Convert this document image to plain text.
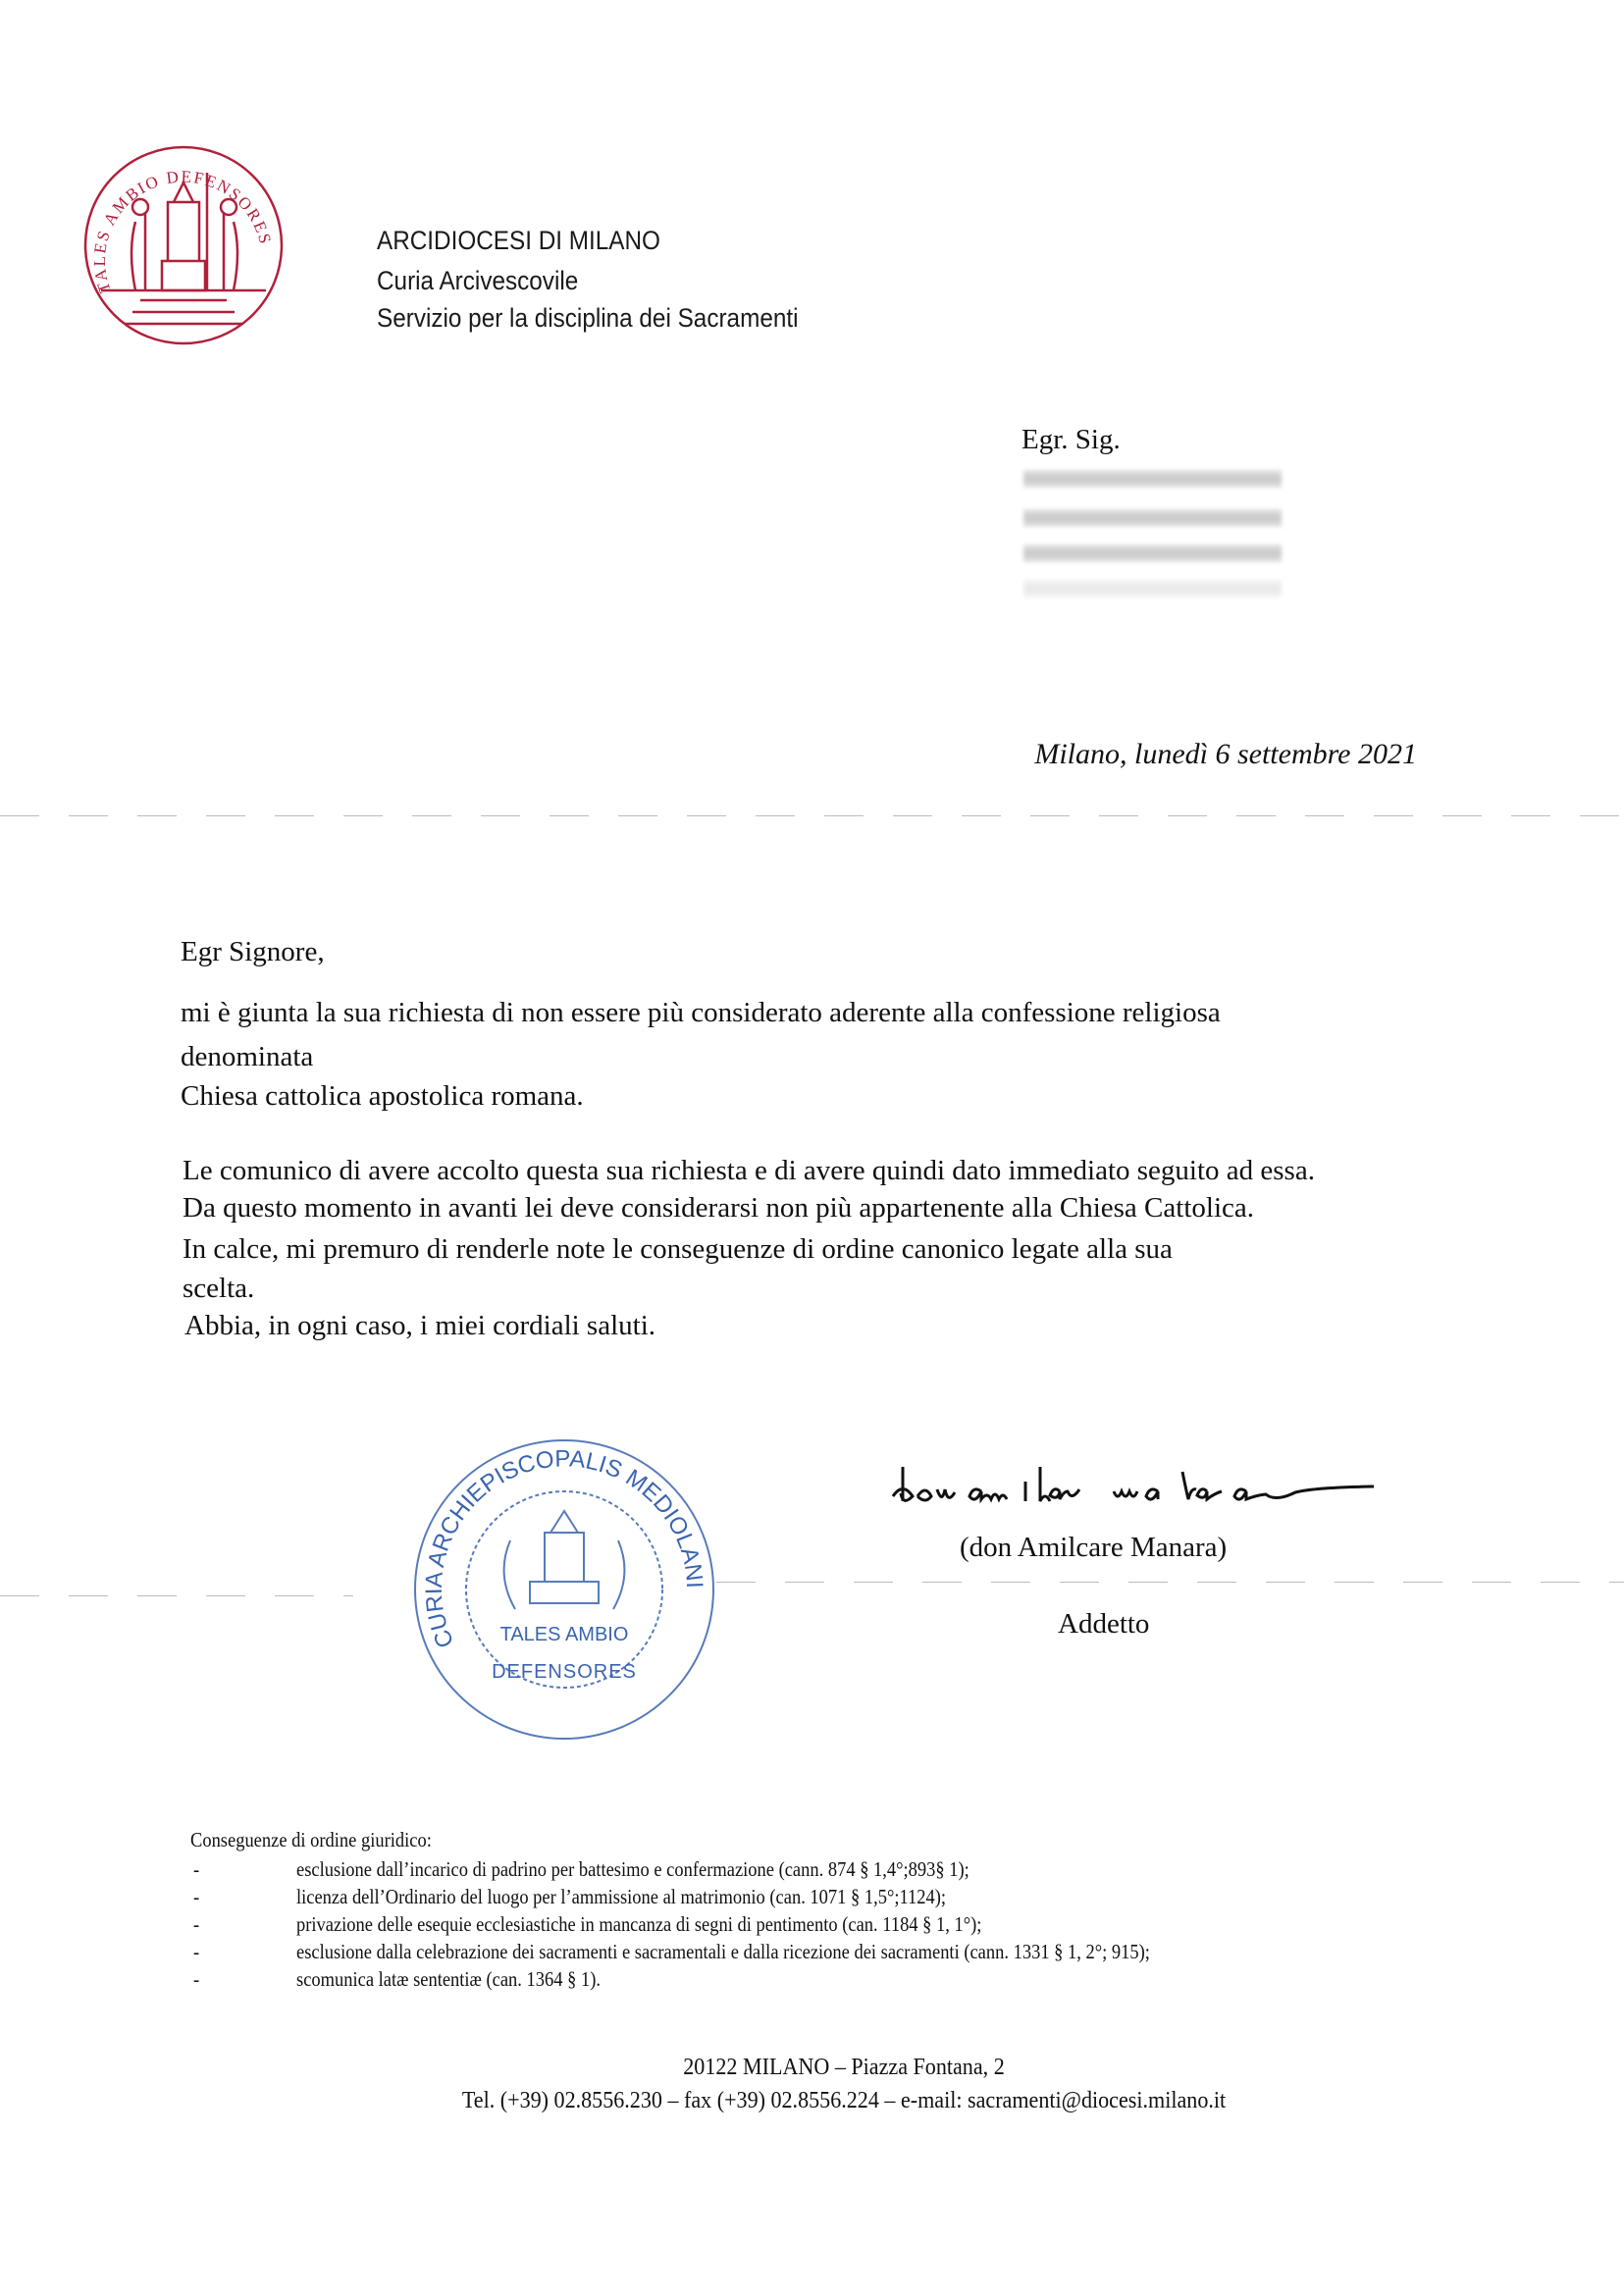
TALES AMBIO DEFENSORES	ARCIDIOCESI DI MILANO
Curia Arcivescovile
Servizio per la disciplina dei Sacramenti
Egr. Sig.
Milano, lunedì 6 settembre 2021
Egr Signore,
mi è giunta la sua richiesta di non essere più considerato aderente alla confessione religiosa
denominata
Chiesa cattolica apostolica romana.
Le comunico di avere accolto questa sua richiesta e di avere quindi dato immediato seguito ad essa.
Da questo momento in avanti lei deve considerarsi non più appartenente alla Chiesa Cattolica.
In calce, mi premuro di renderle note le conseguenze di ordine canonico legate alla sua
scelta.
Abbia, in ogni caso, i miei cordiali saluti.
CURIA ARCHIEPISCOPALIS MEDIOLANI
TALES AMBIO
DEFENSORES
(don Amilcare Manara)
Addetto
Conseguenze di ordine giuridico:
-	esclusione dall’incarico di padrino per battesimo e confermazione (cann. 874 § 1,4°;893§ 1);
-	licenza dell’Ordinario del luogo per l’ammissione al matrimonio (can. 1071 § 1,5°;1124);
-	privazione delle esequie ecclesiastiche in mancanza di segni di pentimento (can. 1184 § 1, 1°);
-	esclusione dalla celebrazione dei sacramenti e sacramentali e dalla ricezione dei sacramenti (cann. 1331 § 1, 2°; 915);
-	scomunica latæ sententiæ (can. 1364 § 1).
20122 MILANO – Piazza Fontana, 2
Tel. (+39) 02.8556.230 – fax (+39) 02.8556.224 – e-mail: sacramenti@diocesi.milano.it
